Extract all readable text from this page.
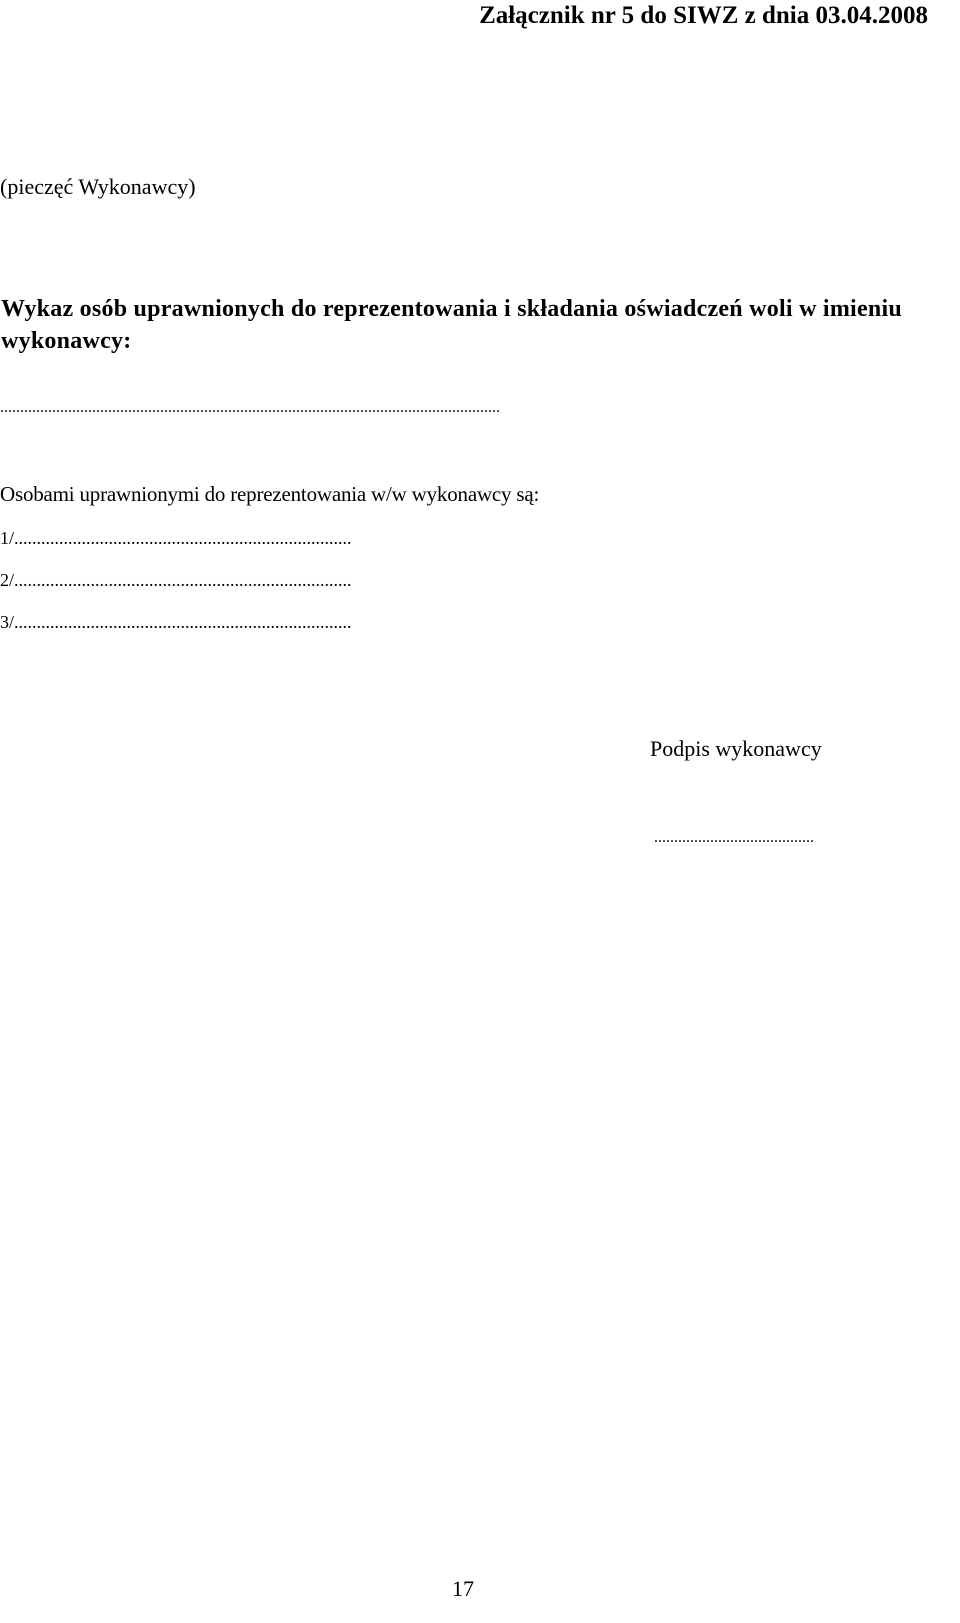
Załącznik nr 5 do SIWZ z dnia 03.04.2008
(pieczęć Wykonawcy)
Wykaz osób uprawnionych do reprezentowania i składania oświadczeń woli w imieniu wykonawcy:
.............................................................................................................................
Osobami uprawnionymi do reprezentowania w/w wykonawcy są:
1/...........................................................................
2/...........................................................................
3/...........................................................................
Podpis wykonawcy
........................................
17
